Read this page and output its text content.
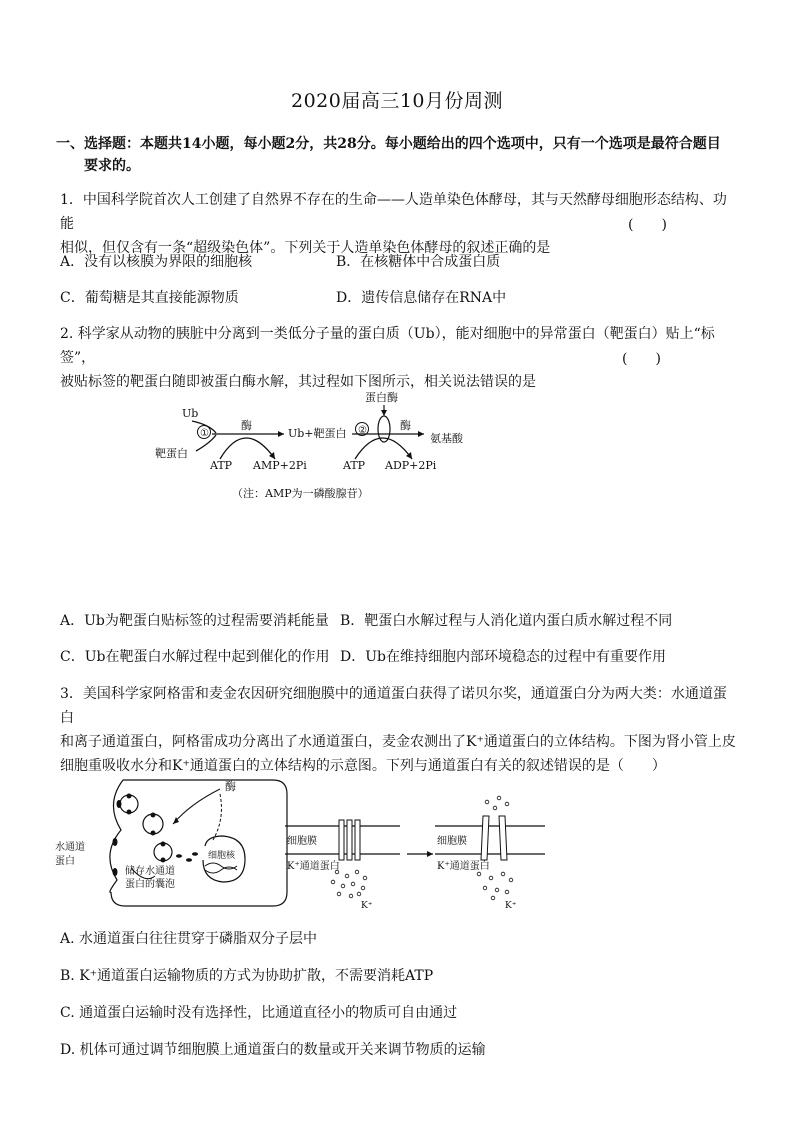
2020届高三10月份周测
一、选择题：本题共14小题，每小题2分，共28分。每小题给出的四个选项中，只有一个选项是最符合题目
要求的。
1．中国科学院首次人工创建了自然界不存在的生命——人造单染色体酵母，其与天然酵母细胞形态结构、功能
相似，但仅含有一条“超级染色体”。下列关于人造单染色体酵母的叙述正确的是
(　　)
A．没有以核膜为界限的细胞核	B．在核糖体中合成蛋白质
C．葡萄糖是其直接能源物质	D．遗传信息储存在RNA中
2. 科学家从动物的胰脏中分离到一类低分子量的蛋白质（Ub），能对细胞中的异常蛋白（靶蛋白）贴上“标签”，
被贴标签的靶蛋白随即被蛋白酶水解，其过程如下图所示，相关说法错误的是
(　　)
Ub
靶蛋白
酶
ATP AMP+2Pi
Ub+靶蛋白
蛋白酶
酶
氨基酸
ATP ADP+2Pi
（注：AMP为一磷酸腺苷）
①	②
A．Ub为靶蛋白贴标签的过程需要消耗能量 B．靶蛋白水解过程与人消化道内蛋白质水解过程不同
C．Ub在靶蛋白水解过程中起到催化的作用 D．Ub在维持细胞内部环境稳态的过程中有重要作用
3．美国科学家阿格雷和麦金农因研究细胞膜中的通道蛋白获得了诺贝尔奖，通道蛋白分为两大类：水通道蛋白
和离子通道蛋白，阿格雷成功分离出了水通道蛋白，麦金农测出了K⁺通道蛋白的立体结构。下图为肾小管上皮
细胞重吸收水分和K⁺通道蛋白的立体结构的示意图。下列与通道蛋白有关的叙述错误的是（　　）
酶
细胞核
水通道
蛋白
储存水通道
蛋白的囊泡
细胞膜
K⁺通道蛋白
K⁺
细胞膜
K⁺通道蛋白
K⁺
A. 水通道蛋白往往贯穿于磷脂双分子层中
B. K⁺通道蛋白运输物质的方式为协助扩散，不需要消耗ATP
C. 通道蛋白运输时没有选择性，比通道直径小的物质可自由通过
D. 机体可通过调节细胞膜上通道蛋白的数量或开关来调节物质的运输
